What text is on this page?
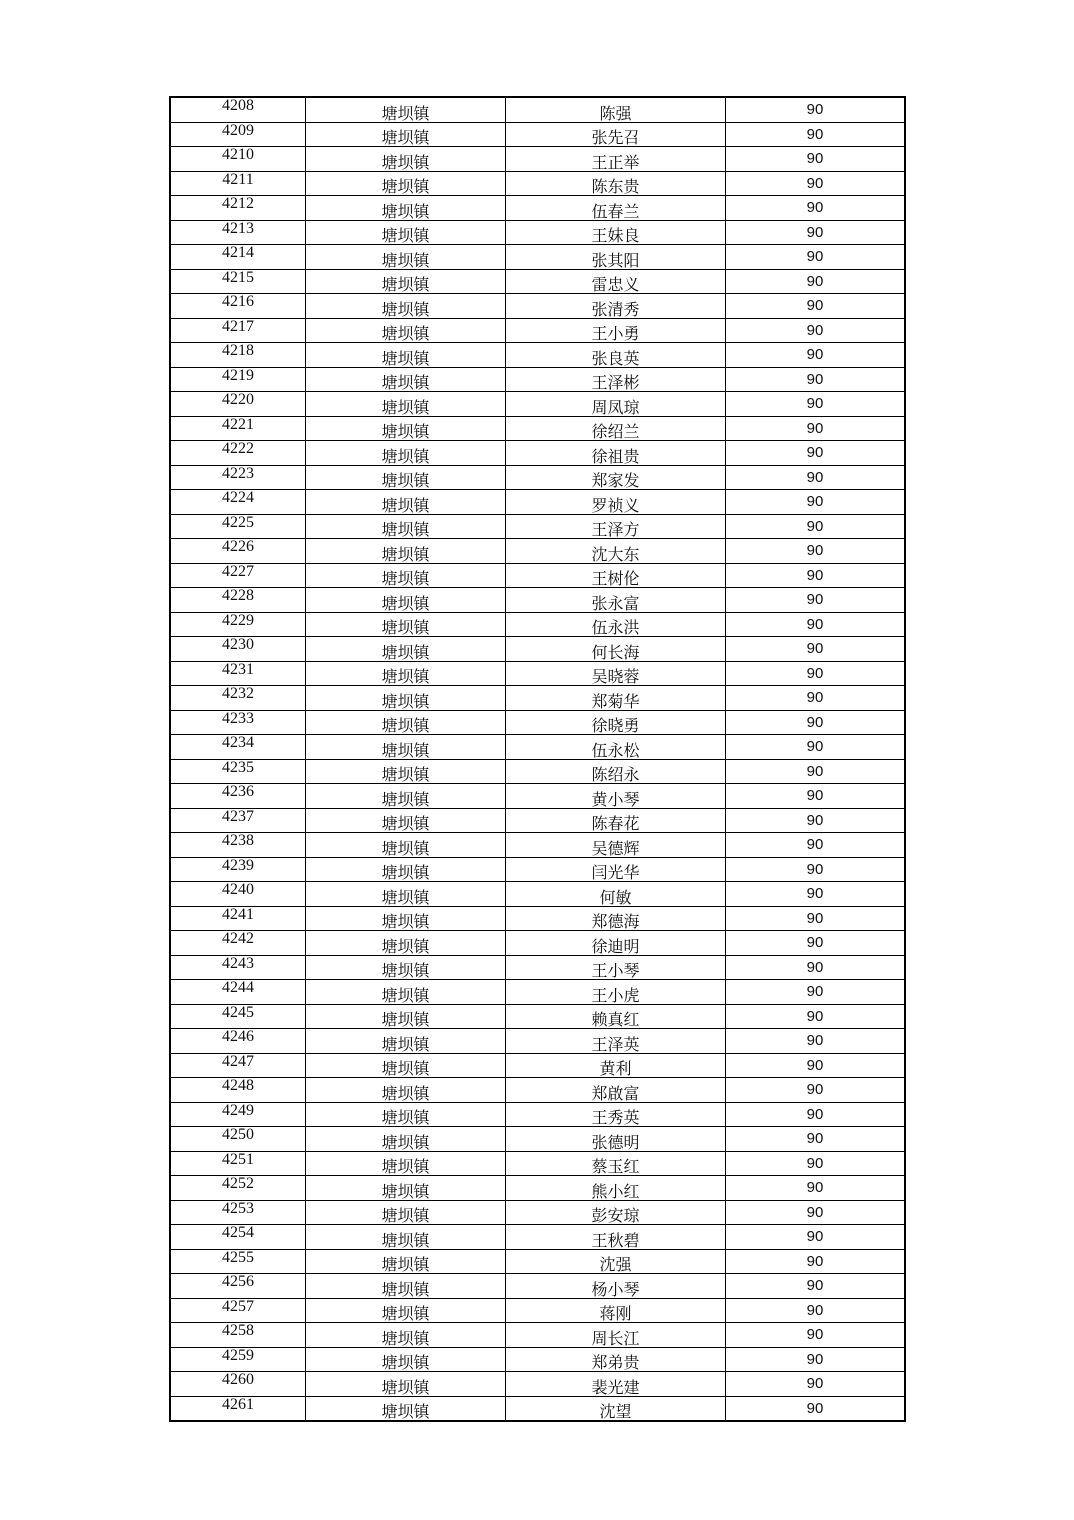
4208	塘坝镇	陈强	90
4209	塘坝镇	张先召	90
4210	塘坝镇	王正举	90
4211	塘坝镇	陈东贵	90
4212	塘坝镇	伍春兰	90
4213	塘坝镇	王妹良	90
4214	塘坝镇	张其阳	90
4215	塘坝镇	雷忠义	90
4216	塘坝镇	张清秀	90
4217	塘坝镇	王小勇	90
4218	塘坝镇	张良英	90
4219	塘坝镇	王泽彬	90
4220	塘坝镇	周凤琼	90
4221	塘坝镇	徐绍兰	90
4222	塘坝镇	徐祖贵	90
4223	塘坝镇	郑家发	90
4224	塘坝镇	罗祯义	90
4225	塘坝镇	王泽方	90
4226	塘坝镇	沈大东	90
4227	塘坝镇	王树伦	90
4228	塘坝镇	张永富	90
4229	塘坝镇	伍永洪	90
4230	塘坝镇	何长海	90
4231	塘坝镇	吴晓蓉	90
4232	塘坝镇	郑菊华	90
4233	塘坝镇	徐晓勇	90
4234	塘坝镇	伍永松	90
4235	塘坝镇	陈绍永	90
4236	塘坝镇	黄小琴	90
4237	塘坝镇	陈春花	90
4238	塘坝镇	吴德辉	90
4239	塘坝镇	闫光华	90
4240	塘坝镇	何敏	90
4241	塘坝镇	郑德海	90
4242	塘坝镇	徐迪明	90
4243	塘坝镇	王小琴	90
4244	塘坝镇	王小虎	90
4245	塘坝镇	赖真红	90
4246	塘坝镇	王泽英	90
4247	塘坝镇	黄利	90
4248	塘坝镇	郑啟富	90
4249	塘坝镇	王秀英	90
4250	塘坝镇	张德明	90
4251	塘坝镇	蔡玉红	90
4252	塘坝镇	熊小红	90
4253	塘坝镇	彭安琼	90
4254	塘坝镇	王秋碧	90
4255	塘坝镇	沈强	90
4256	塘坝镇	杨小琴	90
4257	塘坝镇	蒋刚	90
4258	塘坝镇	周长江	90
4259	塘坝镇	郑弟贵	90
4260	塘坝镇	裴光建	90
4261	塘坝镇	沈望	90
